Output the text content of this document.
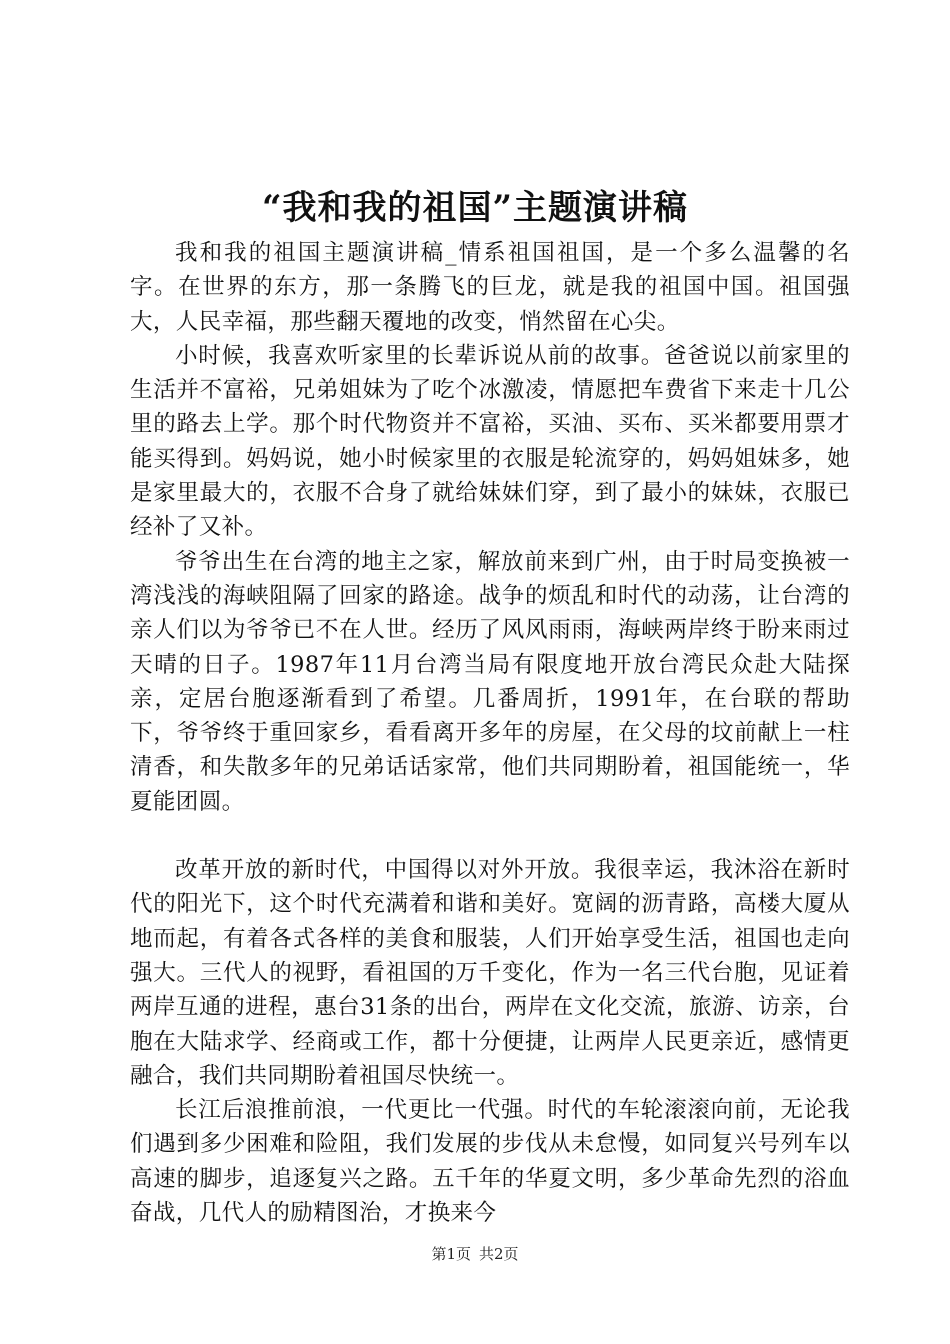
“我和我的祖国”主题演讲稿

我和我的祖国主题演讲稿_情系祖国祖国，是一个多么温馨的名字。在世界的东方，那一条腾飞的巨龙，就是我的祖国中国。祖国强大，人民幸福，那些翻天覆地的改变，悄然留在心尖。

小时候，我喜欢听家里的长辈诉说从前的故事。爸爸说以前家里的生活并不富裕，兄弟姐妹为了吃个冰激凌，情愿把车费省下来走十几公里的路去上学。那个时代物资并不富裕，买油、买布、买米都要用票才能买得到。妈妈说，她小时候家里的衣服是轮流穿的，妈妈姐妹多，她是家里最大的，衣服不合身了就给妹妹们穿，到了最小的妹妹，衣服已经补了又补。

爷爷出生在台湾的地主之家，解放前来到广州，由于时局变换被一湾浅浅的海峡阻隔了回家的路途。战争的烦乱和时代的动荡，让台湾的亲人们以为爷爷已不在人世。经历了风风雨雨，海峡两岸终于盼来雨过天晴的日子。1987年11月台湾当局有限度地开放台湾民众赴大陆探亲，定居台胞逐渐看到了希望。几番周折，1991年，在台联的帮助下，爷爷终于重回家乡，看看离开多年的房屋，在父母的坟前献上一柱清香，和失散多年的兄弟话话家常，他们共同期盼着，祖国能统一，华夏能团圆。

改革开放的新时代，中国得以对外开放。我很幸运，我沐浴在新时代的阳光下，这个时代充满着和谐和美好。宽阔的沥青路，高楼大厦从地而起，有着各式各样的美食和服装，人们开始享受生活，祖国也走向强大。三代人的视野，看祖国的万千变化，作为一名三代台胞，见证着两岸互通的进程，惠台31条的出台，两岸在文化交流，旅游、访亲，台胞在大陆求学、经商或工作，都十分便捷，让两岸人民更亲近，感情更融合，我们共同期盼着祖国尽快统一。

长江后浪推前浪，一代更比一代强。时代的车轮滚滚向前，无论我们遇到多少困难和险阻，我们发展的步伐从未怠慢，如同复兴号列车以高速的脚步，追逐复兴之路。五千年的华夏文明，多少革命先烈的浴血奋战，几代人的励精图治，才换来今

第1页 共2页
